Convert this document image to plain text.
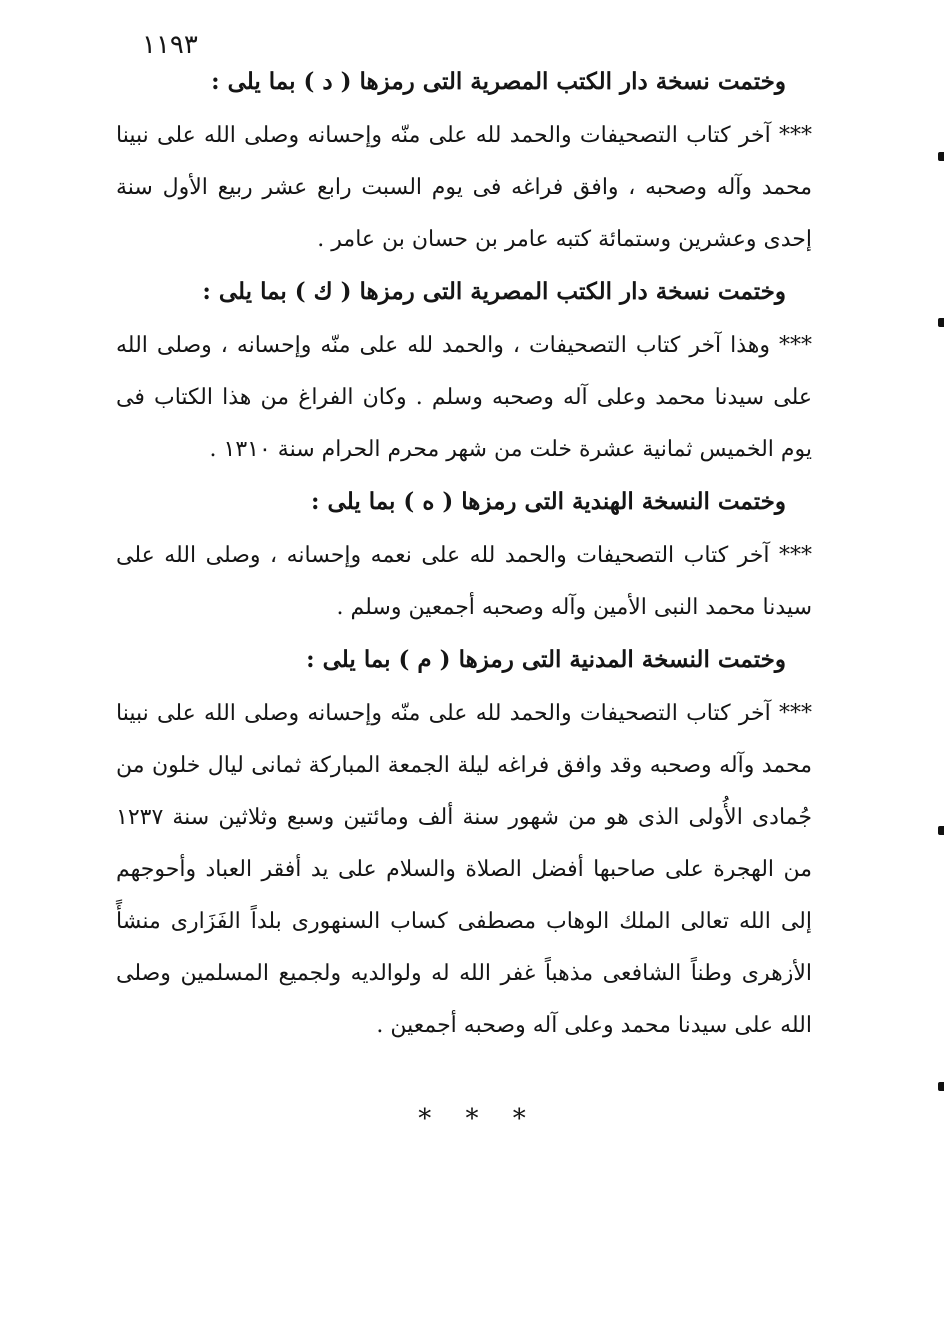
١١٩٣
وختمت نسخة دار الكتب المصرية التى رمزها ( د ) بما يلى :

*** آخر كتاب التصحيفات والحمد لله على منّه وإحسانه وصلى الله على نبينا محمد وآله وصحبه ، وافق فراغه فى يوم السبت رابع عشر ربيع الأول سنة إحدى وعشرين وستمائة كتبه عامر بن حسان بن عامر .

وختمت نسخة دار الكتب المصرية التى رمزها ( ك ) بما يلى :

*** وهذا آخر كتاب التصحيفات ، والحمد لله على منّه وإحسانه ، وصلى الله على سيدنا محمد وعلى آله وصحبه وسلم . وكان الفراغ من هذا الكتاب فى يوم الخميس ثمانية عشرة خلت من شهر محرم الحرام سنة ١٣١٠ .

وختمت النسخة الهندية التى رمزها ( ه ) بما يلى :

*** آخر كتاب التصحيفات والحمد لله على نعمه وإحسانه ، وصلى الله على سيدنا محمد النبى الأمين وآله وصحبه أجمعين وسلم .

وختمت النسخة المدنية التى رمزها ( م ) بما يلى :

*** آخر كتاب التصحيفات والحمد لله على منّه وإحسانه وصلى الله على نبينا محمد وآله وصحبه وقد وافق فراغه ليلة الجمعة المباركة ثمانى ليال خلون من جُمادى الأُولى الذى هو من شهور سنة ألف ومائتين وسبع وثلاثين سنة ١٢٣٧ من الهجرة على صاحبها أفضل الصلاة والسلام على يد أفقر العباد وأحوجهم إلى الله تعالى الملك الوهاب مصطفى كساب السنهورى بلداً الفَزَارى منشأً الأزهرى وطناً الشافعى مذهباً غفر الله له ولوالديه ولجميع المسلمين وصلى الله على سيدنا محمد وعلى آله وصحبه أجمعين .

* * *
